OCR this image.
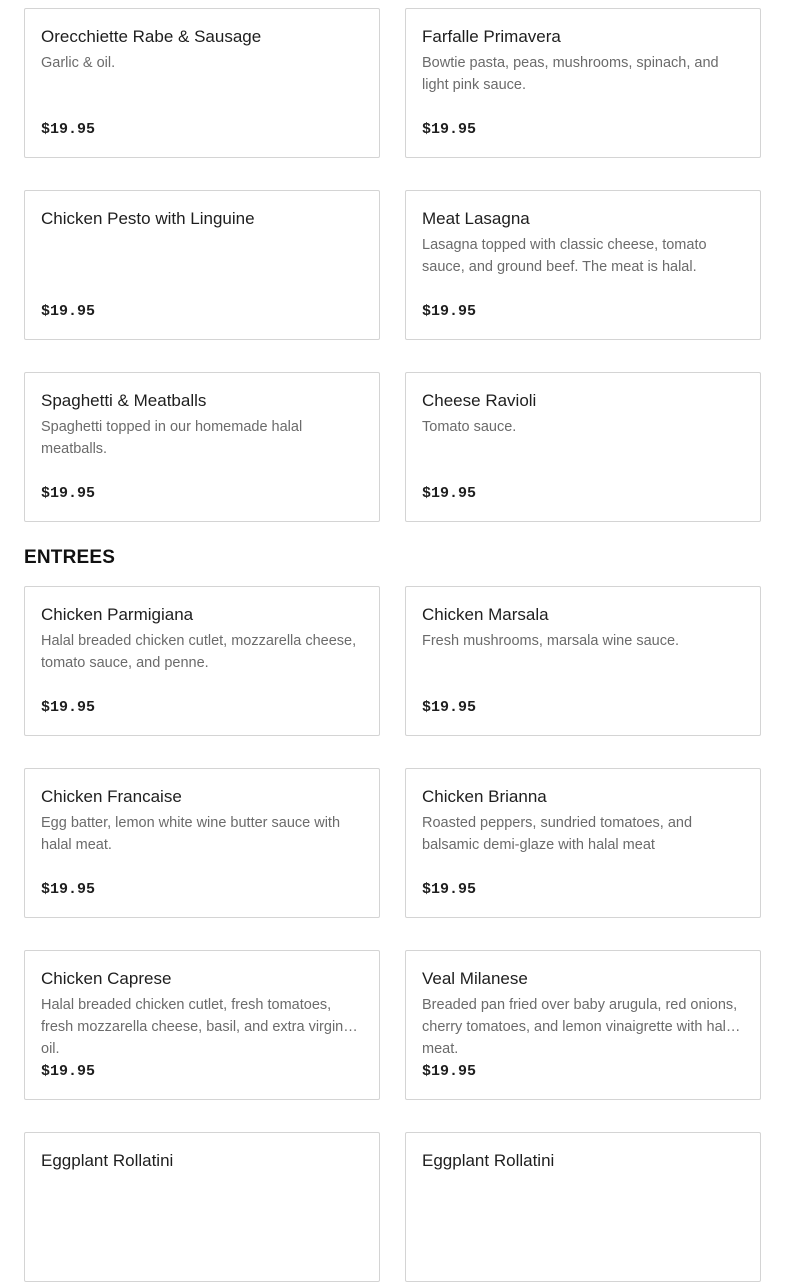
Orecchiette Rabe & Sausage
Garlic & oil.
$19.95
Farfalle Primavera
Bowtie pasta, peas, mushrooms, spinach, and light pink sauce.
$19.95
Chicken Pesto with Linguine
$19.95
Meat Lasagna
Lasagna topped with classic cheese, tomato sauce, and ground beef. The meat is halal.
$19.95
Spaghetti & Meatballs
Spaghetti topped in our homemade halal meatballs.
$19.95
Cheese Ravioli
Tomato sauce.
$19.95
ENTREES
Chicken Parmigiana
Halal breaded chicken cutlet, mozzarella cheese, tomato sauce, and penne.
$19.95
Chicken Marsala
Fresh mushrooms, marsala wine sauce.
$19.95
Chicken Francaise
Egg batter, lemon white wine butter sauce with halal meat.
$19.95
Chicken Brianna
Roasted peppers, sundried tomatoes, and balsamic demi-glaze with halal meat
$19.95
Chicken Caprese
Halal breaded chicken cutlet, fresh tomatoes, fresh mozzarella cheese, basil, and extra virgin oil.
$19.95
Veal Milanese
Breaded pan fried over baby arugula, red onions, cherry tomatoes, and lemon vinaigrette with halal meat.
$19.95
Eggplant Rollatini	Eggplant Rollatini
